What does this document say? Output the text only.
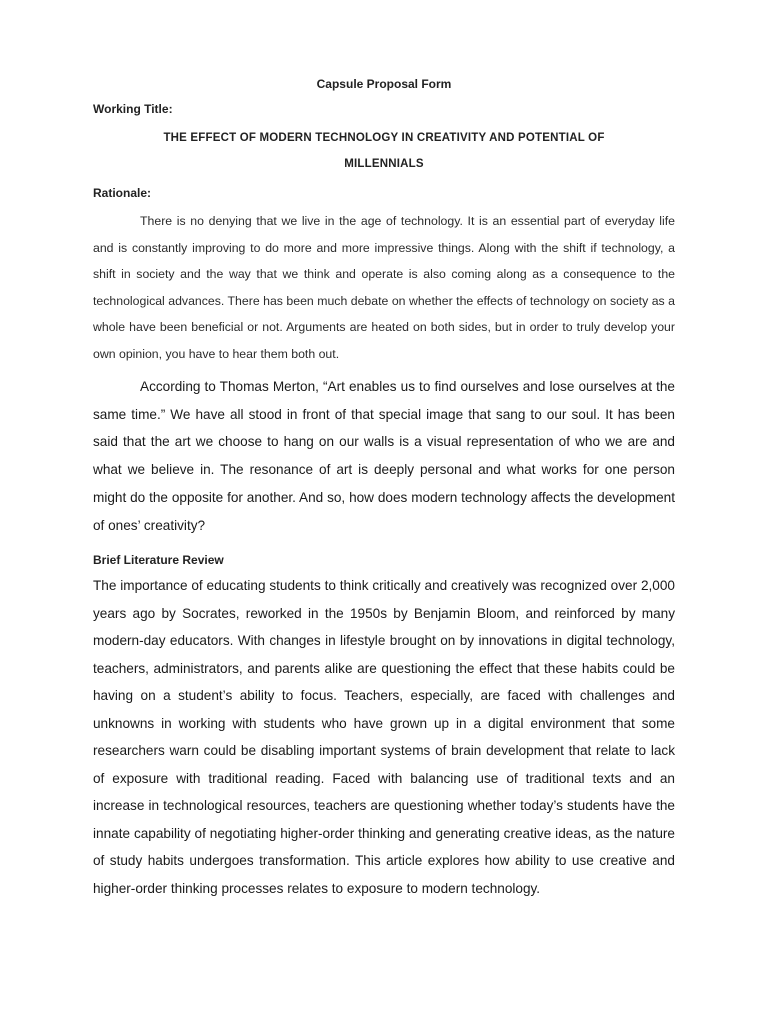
Capsule Proposal Form
Working Title:
THE EFFECT OF MODERN TECHNOLOGY IN CREATIVITY AND POTENTIAL OF MILLENNIALS
Rationale:

There is no denying that we live in the age of technology. It is an essential part of everyday life and is constantly improving to do more and more impressive things. Along with the shift if technology, a shift in society and the way that we think and operate is also coming along as a consequence to the technological advances. There has been much debate on whether the effects of technology on society as a whole have been beneficial or not. Arguments are heated on both sides, but in order to truly develop your own opinion, you have to hear them both out.

According to Thomas Merton, “Art enables us to find ourselves and lose ourselves at the same time.” We have all stood in front of that special image that sang to our soul. It has been said that the art we choose to hang on our walls is a visual representation of who we are and what we believe in. The resonance of art is deeply personal and what works for one person might do the opposite for another. And so, how does modern technology affects the development of ones’ creativity?

Brief Literature Review

The importance of educating students to think critically and creatively was recognized over 2,000 years ago by Socrates, reworked in the 1950s by Benjamin Bloom, and reinforced by many modern-day educators. With changes in lifestyle brought on by innovations in digital technology, teachers, administrators, and parents alike are questioning the effect that these habits could be having on a student’s ability to focus. Teachers, especially, are faced with challenges and unknowns in working with students who have grown up in a digital environment that some researchers warn could be disabling important systems of brain development that relate to lack of exposure with traditional reading. Faced with balancing use of traditional texts and an increase in technological resources, teachers are questioning whether today’s students have the innate capability of negotiating higher-order thinking and generating creative ideas, as the nature of study habits undergoes transformation. This article explores how ability to use creative and higher-order thinking processes relates to exposure to modern technology.
